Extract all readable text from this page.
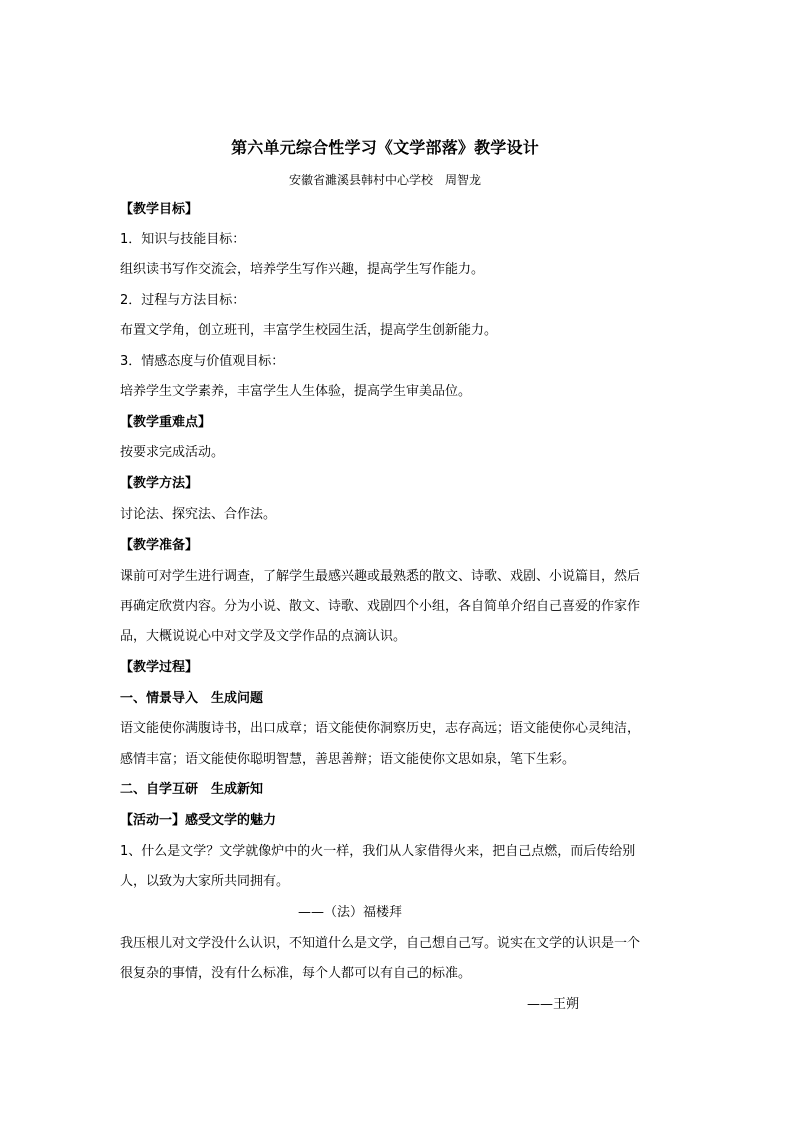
第六单元综合性学习《文学部落》教学设计
安徽省濉溪县韩村中心学校 周智龙
【教学目标】
1．知识与技能目标：
组织读书写作交流会，培养学生写作兴趣，提高学生写作能力。
2．过程与方法目标：
布置文学角，创立班刊，丰富学生校园生活，提高学生创新能力。
3．情感态度与价值观目标：
培养学生文学素养，丰富学生人生体验，提高学生审美品位。
【教学重难点】
按要求完成活动。
【教学方法】
讨论法、探究法、合作法。
【教学准备】
课前可对学生进行调查，了解学生最感兴趣或最熟悉的散文、诗歌、戏剧、小说篇目，然后
再确定欣赏内容。分为小说、散文、诗歌、戏剧四个小组，各自简单介绍自己喜爱的作家作
品，大概说说心中对文学及文学作品的点滴认识。
【教学过程】
一、情景导入　生成问题
语文能使你满腹诗书，出口成章；语文能使你洞察历史，志存高远；语文能使你心灵纯洁，
感情丰富；语文能使你聪明智慧，善思善辩；语文能使你文思如泉，笔下生彩。
二、自学互研　生成新知
【活动一】感受文学的魅力
1、什么是文学？文学就像炉中的火一样，我们从人家借得火来，把自己点燃，而后传给别
人，以致为大家所共同拥有。
——（法）福楼拜
我压根儿对文学没什么认识，不知道什么是文学，自己想自己写。说实在文学的认识是一个
很复杂的事情，没有什么标准，每个人都可以有自己的标准。
——王朔
